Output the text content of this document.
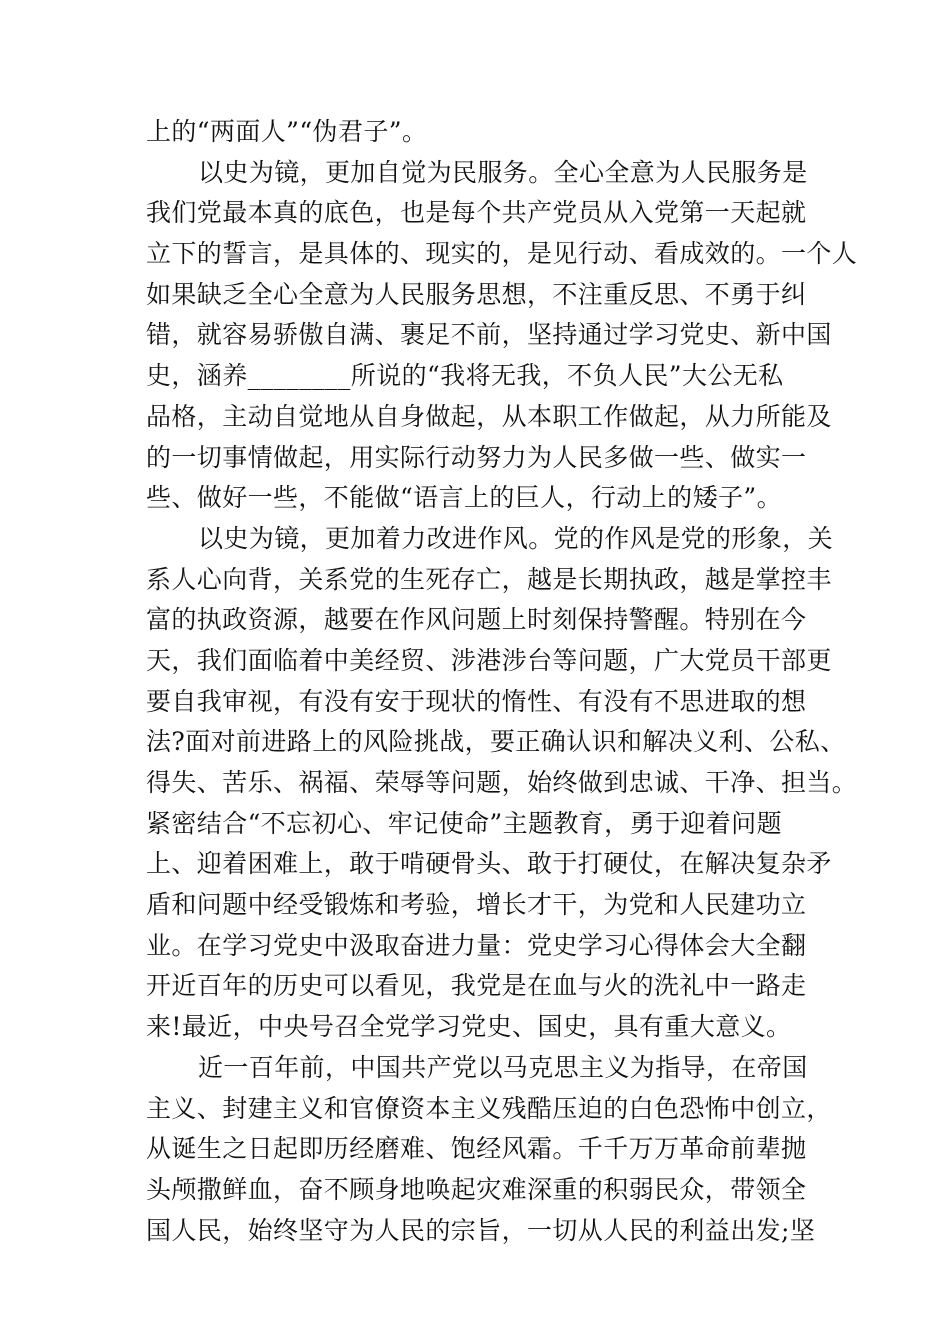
上的“两面人”“伪君子”。
以史为镜，更加自觉为民服务。全心全意为人民服务是
我们党最本真的底色，也是每个共产党员从入党第一天起就
立下的誓言，是具体的、现实的，是见行动、看成效的。一个人
如果缺乏全心全意为人民服务思想，不注重反思、不勇于纠
错，就容易骄傲自满、裹足不前，坚持通过学习党史、新中国
史，涵养________所说的“我将无我，不负人民”大公无私
品格，主动自觉地从自身做起，从本职工作做起，从力所能及
的一切事情做起，用实际行动努力为人民多做一些、做实一
些、做好一些，不能做“语言上的巨人，行动上的矮子”。
以史为镜，更加着力改进作风。党的作风是党的形象，关
系人心向背，关系党的生死存亡，越是长期执政，越是掌控丰
富的执政资源，越要在作风问题上时刻保持警醒。特别在今
天，我们面临着中美经贸、涉港涉台等问题，广大党员干部更
要自我审视，有没有安于现状的惰性、有没有不思进取的想
法?面对前进路上的风险挑战，要正确认识和解决义利、公私、
得失、苦乐、祸福、荣辱等问题，始终做到忠诚、干净、担当。
紧密结合“不忘初心、牢记使命”主题教育，勇于迎着问题
上、迎着困难上，敢于啃硬骨头、敢于打硬仗，在解决复杂矛
盾和问题中经受锻炼和考验，增长才干，为党和人民建功立
业。在学习党史中汲取奋进力量：党史学习心得体会大全翻
开近百年的历史可以看见，我党是在血与火的洗礼中一路走
来!最近，中央号召全党学习党史、国史，具有重大意义。
近一百年前，中国共产党以马克思主义为指导，在帝国
主义、封建主义和官僚资本主义残酷压迫的白色恐怖中创立，
从诞生之日起即历经磨难、饱经风霜。千千万万革命前辈抛
头颅撒鲜血，奋不顾身地唤起灾难深重的积弱民众，带领全
国人民，始终坚守为人民的宗旨，一切从人民的利益出发;坚
